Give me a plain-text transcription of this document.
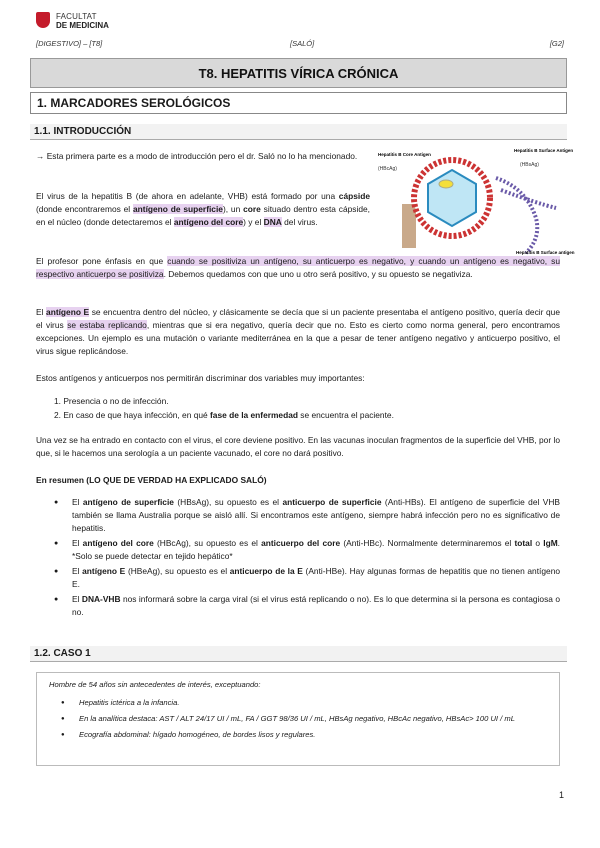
FACULTAT
DE MEDICINA
[DIGESTIVO] – [T8]	[SALÓ]	[G2]
T8. HEPATITIS VÍRICA CRÓNICA
1. MARCADORES SEROLÓGICOS
1.1. INTRODUCCIÓN
→ Esta primera parte es a modo de introducción pero el dr. Saló no lo ha mencionado.
El virus de la hepatitis B (de ahora en adelante, VHB) está formado por una cápside (donde encontraremos el antígeno de superficie), un core situado dentro esta cápside, en el núcleo (donde detectaremos el antígeno del core) y el DNA del virus.
Hepatitis B Core Antigen
(HBcAg)
Hepatitis B Surface Antigen
(HBsAg)
Hepatitis B Surface antigen
El profesor pone énfasis en que cuando se positiviza un antígeno, su anticuerpo es negativo, y cuando un antígeno es negativo, su respectivo anticuerpo se positiviza. Debemos quedamos con que uno u otro será positivo, y su opuesto se negativiza.
El antígeno E se encuentra dentro del núcleo, y clásicamente se decía que si un paciente presentaba el antígeno positivo, quería decir que el virus se estaba replicando, mientras que si era negativo, quería decir que no. Esto es cierto como norma general, pero encontramos excepciones. Un ejemplo es una mutación o variante mediterránea en la que a pesar de tener antígeno negativo y anticuerpo positivo, el virus sigue replicándose.
Estos antígenos y anticuerpos nos permitirán discriminar dos variables muy importantes:
1. Presencia o no de infección.
2. En caso de que haya infección, en qué fase de la enfermedad se encuentra el paciente.
Una vez se ha entrado en contacto con el virus, el core deviene positivo. En las vacunas inoculan fragmentos de la superficie del VHB, por lo que, si le hacemos una serología a un paciente vacunado, el core no dará positivo.
En resumen (LO QUE DE VERDAD HA EXPLICADO SALÓ)
● El antígeno de superficie (HBsAg), su opuesto es el anticuerpo de superficie (Anti-HBs). El antígeno de superficie del VHB también se llama Australia porque se aisló allí. Si encontramos este antígeno, siempre habrá infección pero no es significativo de hepatitis.
● El antígeno del core (HBcAg), su opuesto es el anticuerpo del core (Anti-HBc). Normalmente determinaremos el total o IgM. *Solo se puede detectar en tejido hepático*
● El antígeno E (HBeAg), su opuesto es el anticuerpo de la E (Anti-HBe). Hay algunas formas de hepatitis que no tienen antígeno E.
● El DNA-VHB nos informará sobre la carga viral (si el virus está replicando o no). Es lo que determina si la persona es contagiosa o no.
1.2. CASO 1
Hombre de 54 años sin antecedentes de interés, exceptuando:
● Hepatitis ictérica a la infancia.
● En la analítica destaca: AST / ALT 24/17 UI / mL, FA / GGT 98/36 UI / mL, HBsAg negativo, HBcAc negativo, HBsAc> 100 UI / mL
● Ecografía abdominal: hígado homogéneo, de bordes lisos y regulares.
1
